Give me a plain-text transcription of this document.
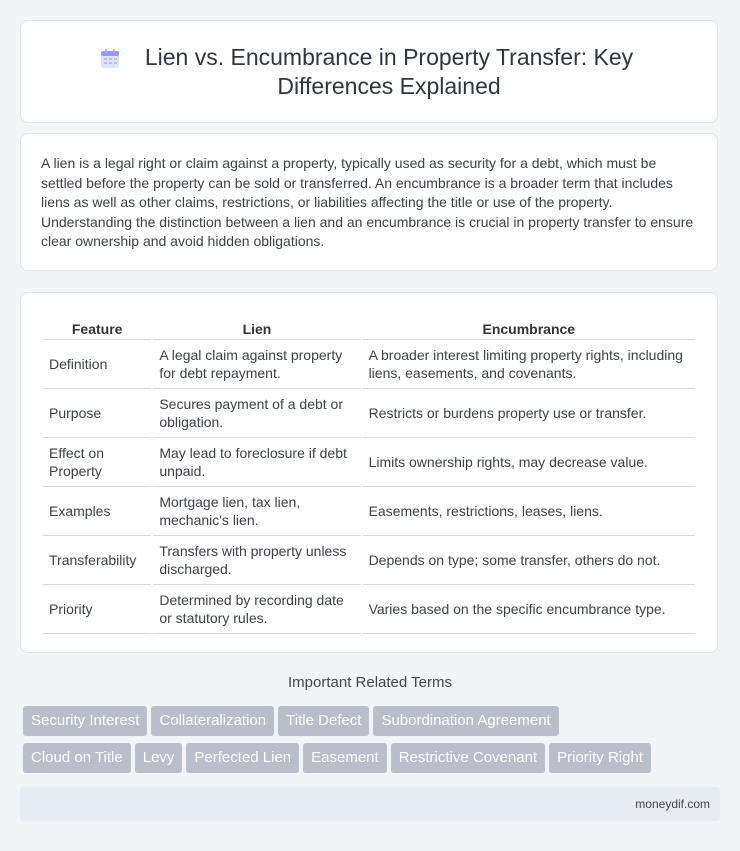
Lien vs. Encumbrance in Property Transfer: Key Differences Explained

A lien is a legal right or claim against a property, typically used as security for a debt, which must be settled before the property can be sold or transferred. An encumbrance is a broader term that includes liens as well as other claims, restrictions, or liabilities affecting the title or use of the property. Understanding the distinction between a lien and an encumbrance is crucial in property transfer to ensure clear ownership and avoid hidden obligations.

Feature	Lien	Encumbrance
Definition	A legal claim against property for debt repayment.	A broader interest limiting property rights, including liens, easements, and covenants.
Purpose	Secures payment of a debt or obligation.	Restricts or burdens property use or transfer.
Effect on Property	May lead to foreclosure if debt unpaid.	Limits ownership rights, may decrease value.
Examples	Mortgage lien, tax lien, mechanic's lien.	Easements, restrictions, leases, liens.
Transferability	Transfers with property unless discharged.	Depends on type; some transfer, others do not.
Priority	Determined by recording date or statutory rules.	Varies based on the specific encumbrance type.
Important Related Terms
Security Interest Collateralization Title Defect Subordination Agreement
Cloud on Title Levy Perfected Lien Easement Restrictive Covenant Priority Right
moneydif.com
